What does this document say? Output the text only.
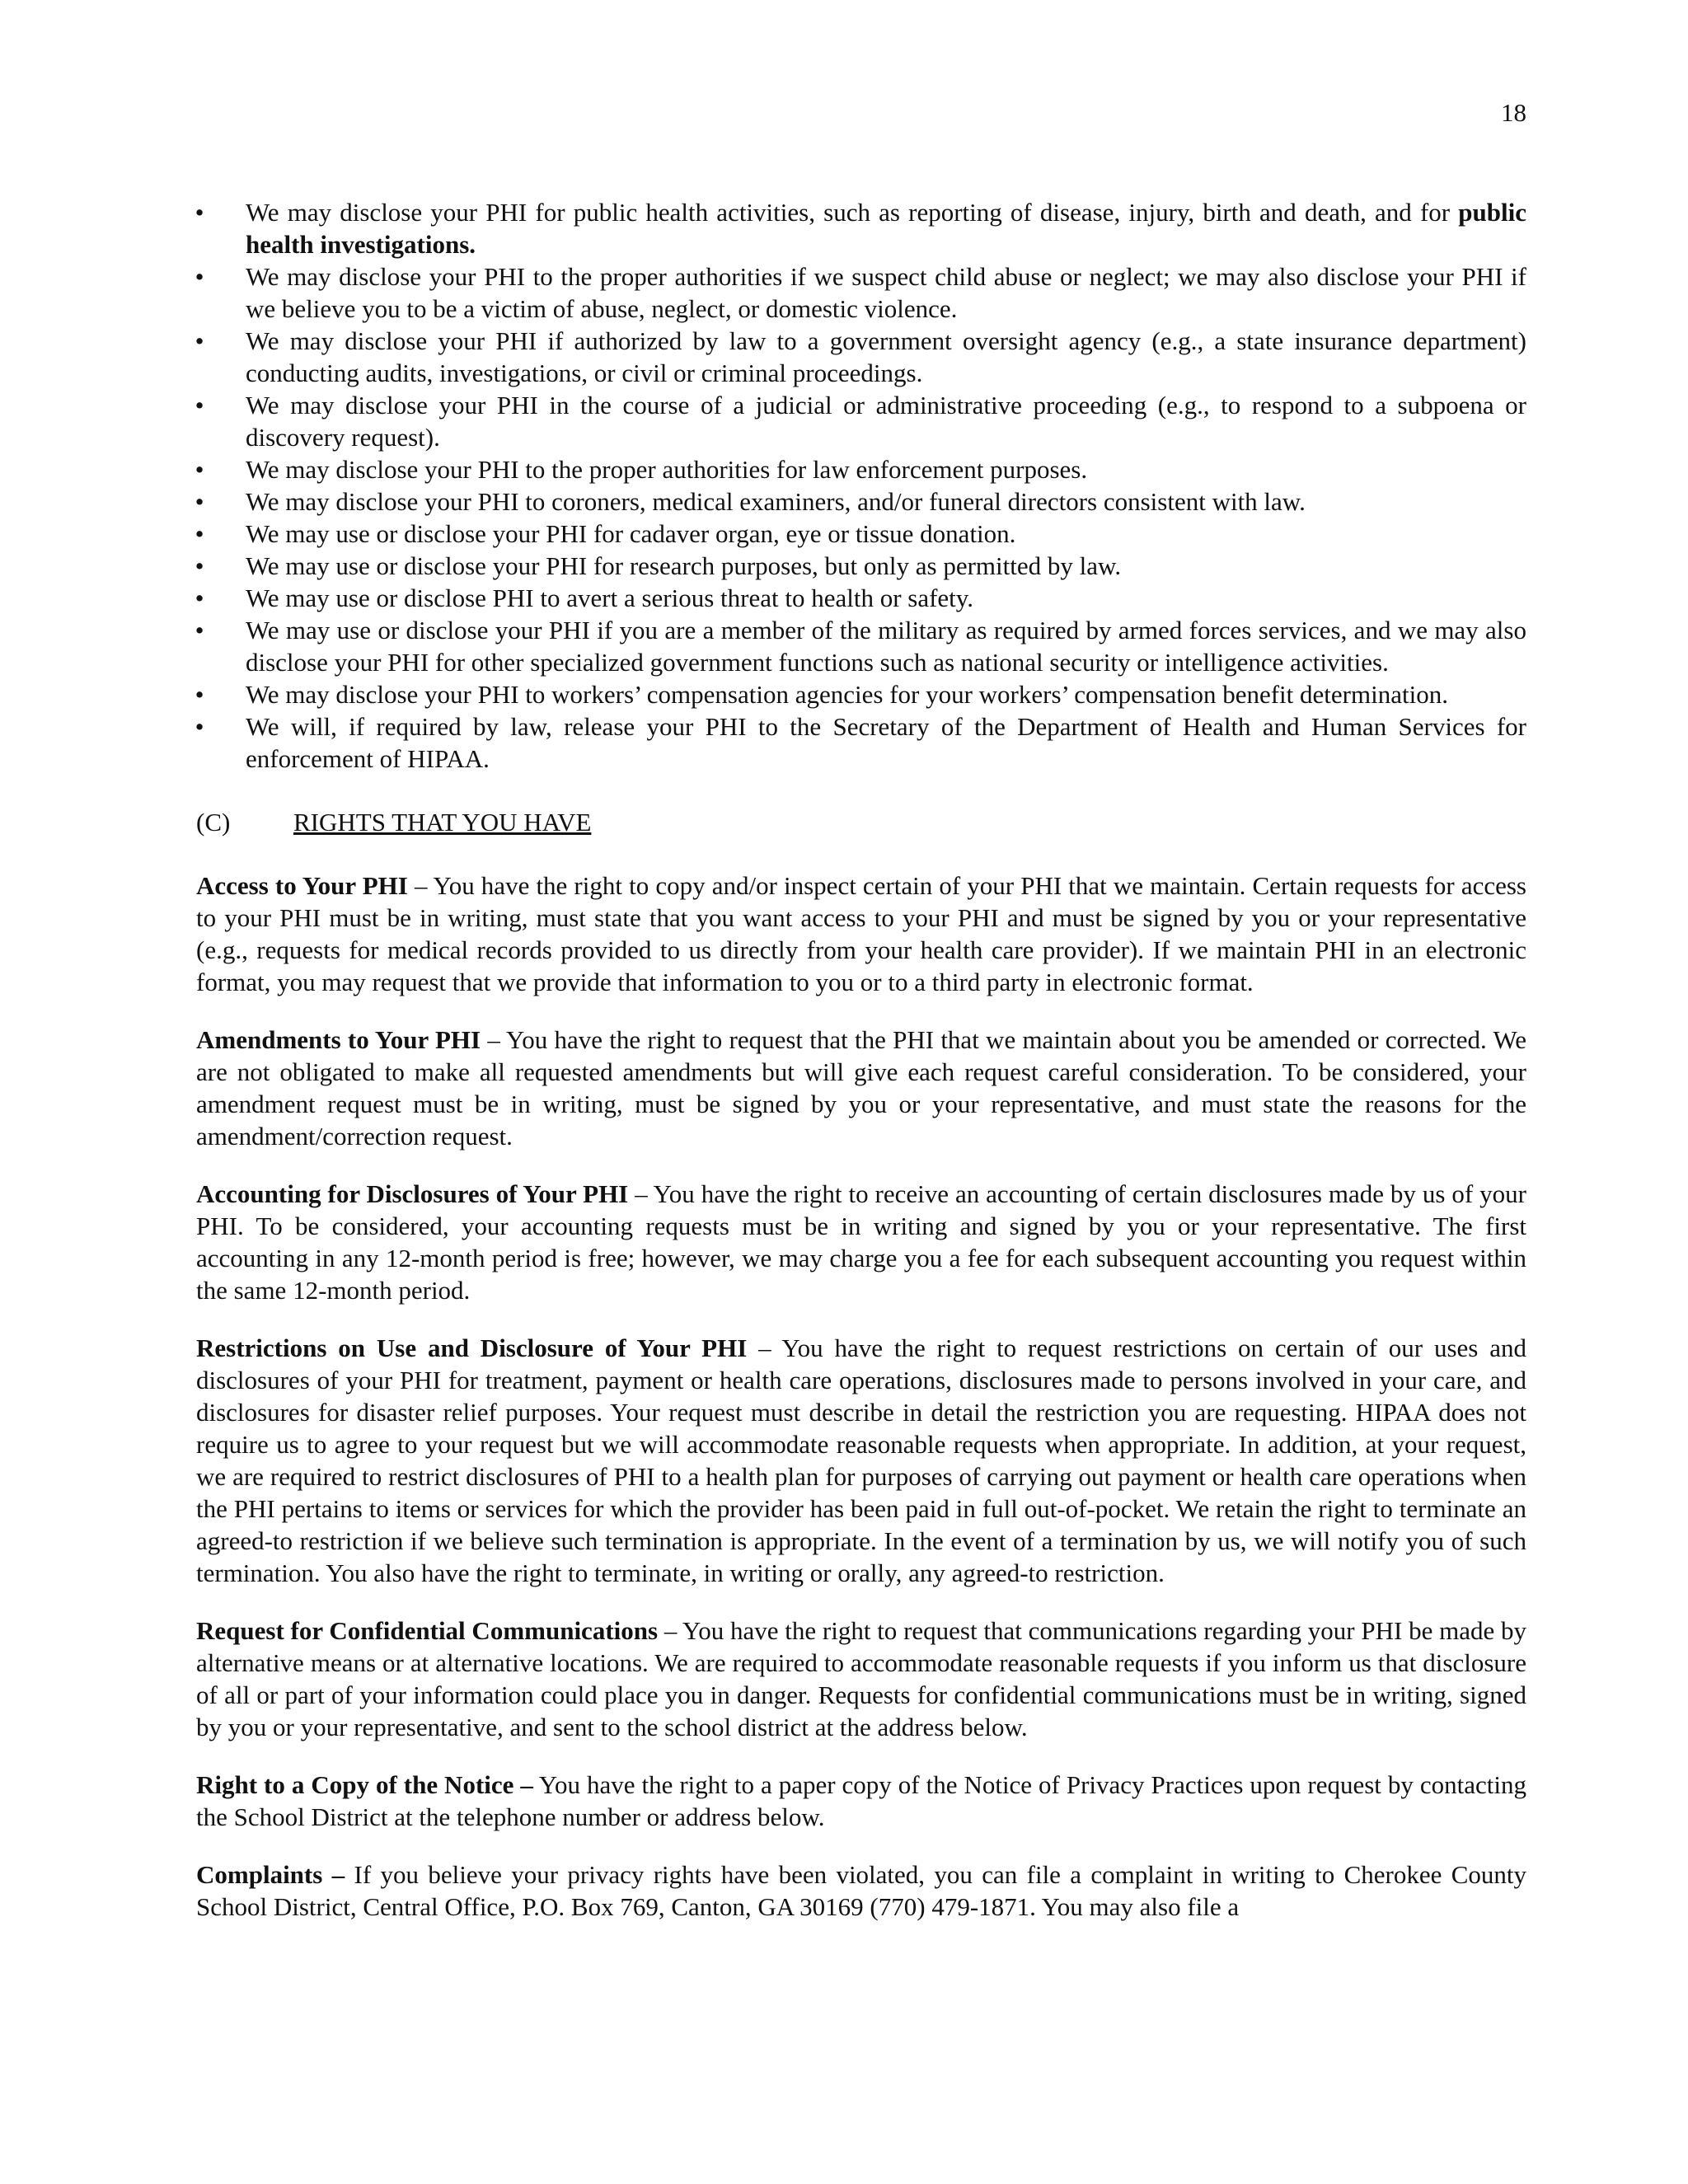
18
• We may disclose your PHI for public health activities, such as reporting of disease, injury, birth and death, and for public health investigations.
• We may disclose your PHI to the proper authorities if we suspect child abuse or neglect; we may also disclose your PHI if we believe you to be a victim of abuse, neglect, or domestic violence.
• We may disclose your PHI if authorized by law to a government oversight agency (e.g., a state insurance department) conducting audits, investigations, or civil or criminal proceedings.
• We may disclose your PHI in the course of a judicial or administrative proceeding (e.g., to respond to a subpoena or discovery request).
• We may disclose your PHI to the proper authorities for law enforcement purposes.
• We may disclose your PHI to coroners, medical examiners, and/or funeral directors consistent with law.
• We may use or disclose your PHI for cadaver organ, eye or tissue donation.
• We may use or disclose your PHI for research purposes, but only as permitted by law.
• We may use or disclose PHI to avert a serious threat to health or safety.
• We may use or disclose your PHI if you are a member of the military as required by armed forces services, and we may also disclose your PHI for other specialized government functions such as national security or intelligence activities.
• We may disclose your PHI to workers’ compensation agencies for your workers’ compensation benefit determination.
• We will, if required by law, release your PHI to the Secretary of the Department of Health and Human Services for enforcement of HIPAA.
(C)	RIGHTS THAT YOU HAVE

Access to Your PHI – You have the right to copy and/or inspect certain of your PHI that we maintain. Certain requests for access to your PHI must be in writing, must state that you want access to your PHI and must be signed by you or your representative (e.g., requests for medical records provided to us directly from your health care provider). If we maintain PHI in an electronic format, you may request that we provide that information to you or to a third party in electronic format.

Amendments to Your PHI – You have the right to request that the PHI that we maintain about you be amended or corrected. We are not obligated to make all requested amendments but will give each request careful consideration. To be considered, your amendment request must be in writing, must be signed by you or your representative, and must state the reasons for the amendment/correction request.

Accounting for Disclosures of Your PHI – You have the right to receive an accounting of certain disclosures made by us of your PHI. To be considered, your accounting requests must be in writing and signed by you or your representative. The first accounting in any 12-month period is free; however, we may charge you a fee for each subsequent accounting you request within the same 12-month period.

Restrictions on Use and Disclosure of Your PHI – You have the right to request restrictions on certain of our uses and disclosures of your PHI for treatment, payment or health care operations, disclosures made to persons involved in your care, and disclosures for disaster relief purposes. Your request must describe in detail the restriction you are requesting. HIPAA does not require us to agree to your request but we will accommodate reasonable requests when appropriate. In addition, at your request, we are required to restrict disclosures of PHI to a health plan for purposes of carrying out payment or health care operations when the PHI pertains to items or services for which the provider has been paid in full out-of-pocket. We retain the right to terminate an agreed-to restriction if we believe such termination is appropriate. In the event of a termination by us, we will notify you of such termination. You also have the right to terminate, in writing or orally, any agreed-to restriction.

Request for Confidential Communications – You have the right to request that communications regarding your PHI be made by alternative means or at alternative locations. We are required to accommodate reasonable requests if you inform us that disclosure of all or part of your information could place you in danger. Requests for confidential communications must be in writing, signed by you or your representative, and sent to the school district at the address below.

Right to a Copy of the Notice – You have the right to a paper copy of the Notice of Privacy Practices upon request by contacting the School District at the telephone number or address below.

Complaints – If you believe your privacy rights have been violated, you can file a complaint in writing to Cherokee County School District, Central Office, P.O. Box 769, Canton, GA 30169 (770) 479-1871. You may also file a
